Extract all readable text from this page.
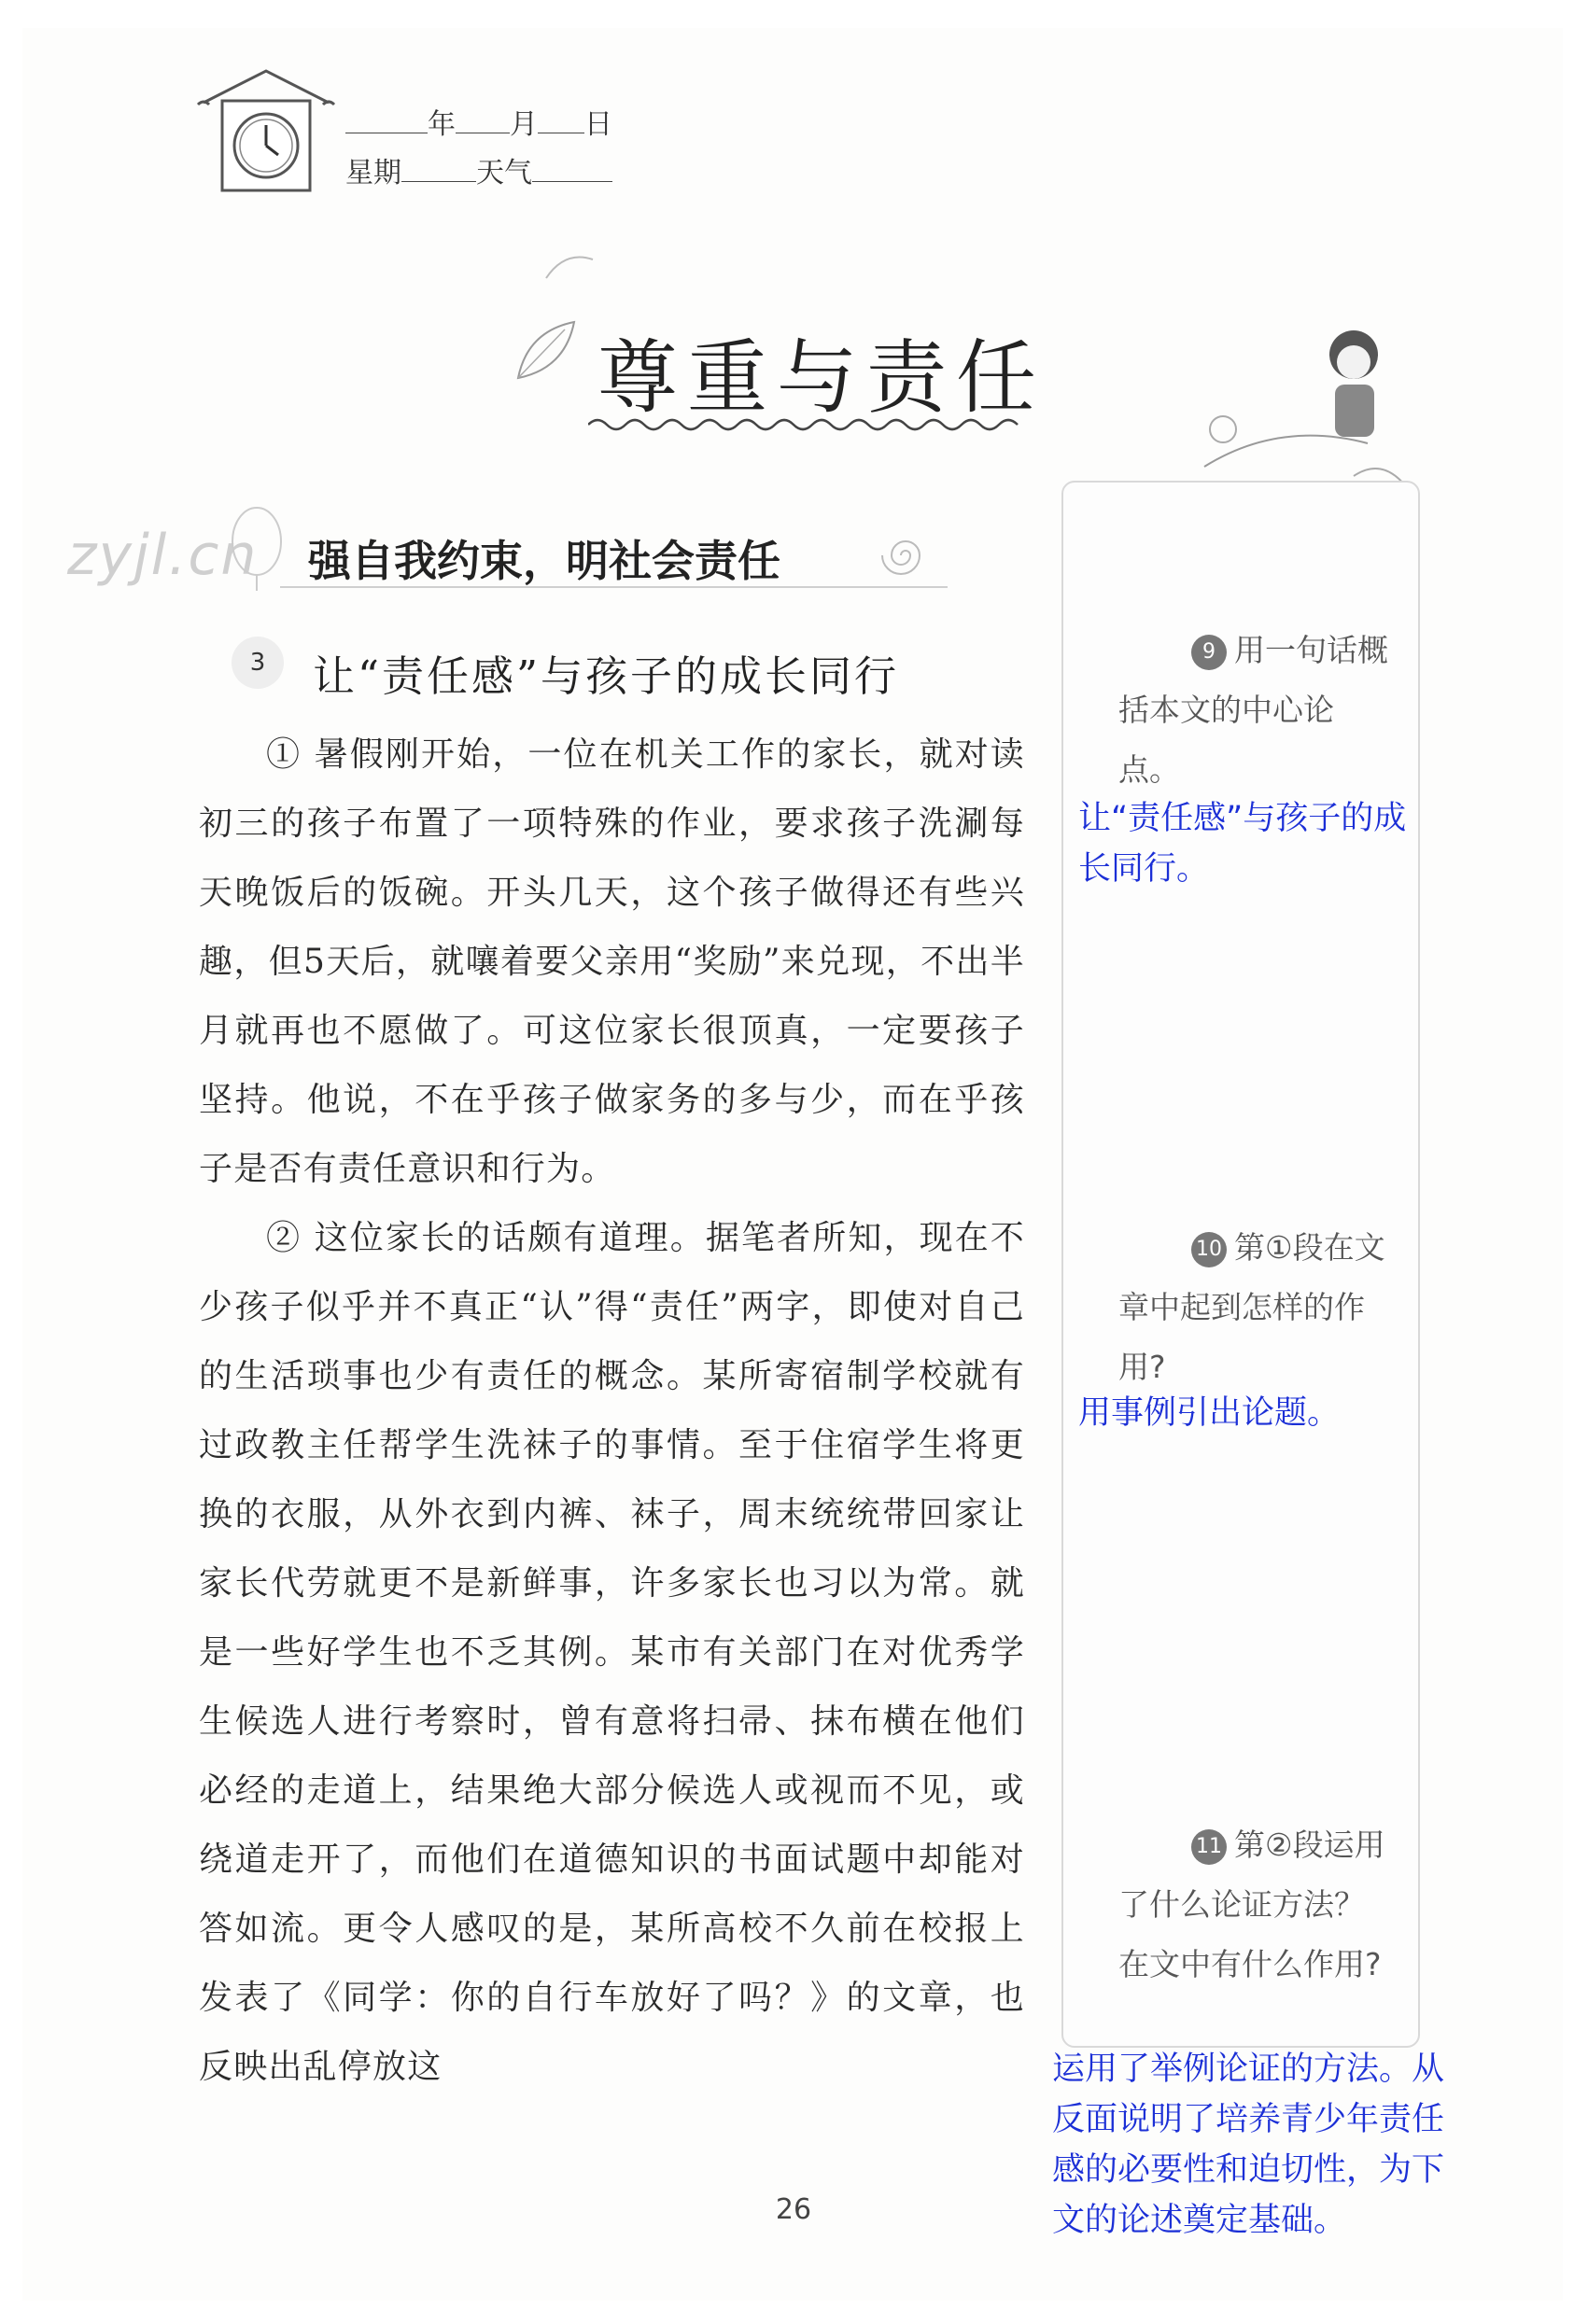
年 月 日
星期	天气
尊重与责任
zyjl.cn 强自我约束，明社会责任
3	让“责任感”与孩子的成长同行

① 暑假刚开始，一位在机关工作的家长，就对读初三的孩子布置了一项特殊的作业，要求孩子洗涮每天晚饭后的饭碗。开头几天，这个孩子做得还有些兴趣，但5天后，就嚷着要父亲用“奖励”来兑现，不出半月就再也不愿做了。可这位家长很顶真，一定要孩子坚持。他说，不在乎孩子做家务的多与少，而在乎孩子是否有责任意识和行为。

② 这位家长的话颇有道理。据笔者所知，现在不少孩子似乎并不真正“认”得“责任”两字，即使对自己的生活琐事也少有责任的概念。某所寄宿制学校就有过政教主任帮学生洗袜子的事情。至于住宿学生将更换的衣服，从外衣到内裤、袜子，周末统统带回家让家长代劳就更不是新鲜事，许多家长也习以为常。就是一些好学生也不乏其例。某市有关部门在对优秀学生候选人进行考察时，曾有意将扫帚、抹布横在他们必经的走道上，结果绝大部分候选人或视而不见，或绕道走开了，而他们在道德知识的书面试题中却能对答如流。更令人感叹的是，某所高校不久前在校报上发表了《同学：你的自行车放好了吗？》的文章，也反映出乱停放这

9 用一句话概括本文的中心论点。
让“责任感”与孩子的成长同行。
10 第①段在文章中起到怎样的作用?
用事例引出论题。
11 第②段运用了什么论证方法？在文中有什么作用?
运用了举例论证的方法。从反面说明了培养青少年责任感的必要性和迫切性，为下文的论述奠定基础。
26
